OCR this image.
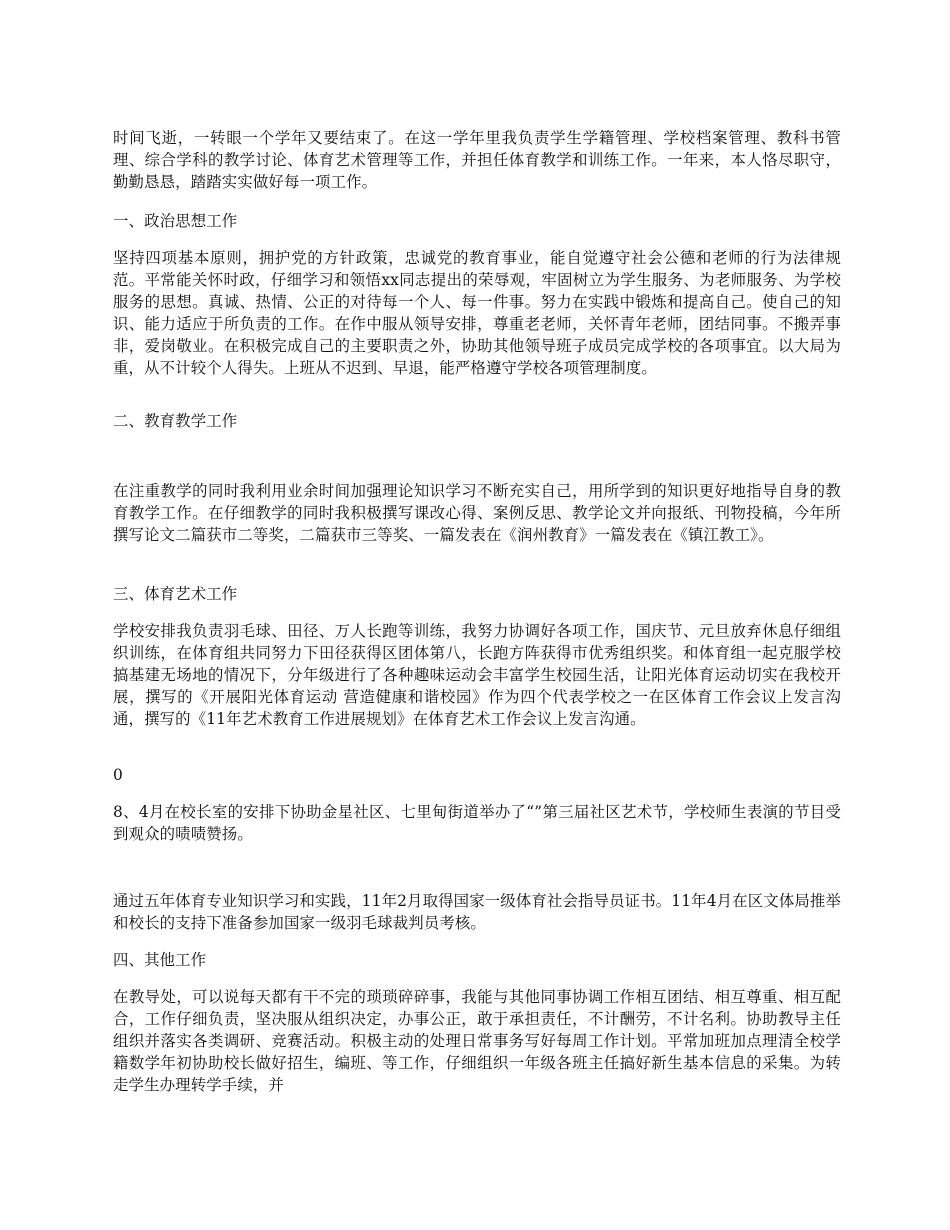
时间飞逝，一转眼一个学年又要结束了。在这一学年里我负责学生学籍管理、学校档案管理、教科书管理、综合学科的教学讨论、体育艺术管理等工作，并担任体育教学和训练工作。一年来，本人恪尽职守，勤勤恳恳，踏踏实实做好每一项工作。

一、政治思想工作

坚持四项基本原则，拥护党的方针政策，忠诚党的教育事业，能自觉遵守社会公德和老师的行为法律规范。平常能关怀时政，仔细学习和领悟xx同志提出的荣辱观，牢固树立为学生服务、为老师服务、为学校服务的思想。真诚、热情、公正的对待每一个人、每一件事。努力在实践中锻炼和提高自己。使自己的知识、能力适应于所负责的工作。在作中服从领导安排，尊重老老师，关怀青年老师，团结同事。不搬弄事非，爱岗敬业。在积极完成自己的主要职责之外，协助其他领导班子成员完成学校的各项事宜。以大局为重，从不计较个人得失。上班从不迟到、早退，能严格遵守学校各项管理制度。

二、教育教学工作

在注重教学的同时我利用业余时间加强理论知识学习不断充实自己，用所学到的知识更好地指导自身的教育教学工作。在仔细教学的同时我积极撰写课改心得、案例反思、教学论文并向报纸、刊物投稿，今年所撰写论文二篇获市二等奖，二篇获市三等奖、一篇发表在《润州教育》一篇发表在《镇江教工》。

三、体育艺术工作

学校安排我负责羽毛球、田径、万人长跑等训练，我努力协调好各项工作，国庆节、元旦放弃休息仔细组织训练，在体育组共同努力下田径获得区团体第八，长跑方阵获得市优秀组织奖。和体育组一起克服学校搞基建无场地的情况下，分年级进行了各种趣味运动会丰富学生校园生活，让阳光体育运动切实在我校开展，撰写的《开展阳光体育运动 营造健康和谐校园》作为四个代表学校之一在区体育工作会议上发言沟通，撰写的《11年艺术教育工作进展规划》在体育艺术工作会议上发言沟通。

0

8、4月在校长室的安排下协助金星社区、七里甸街道举办了“”第三届社区艺术节，学校师生表演的节目受到观众的啧啧赞扬。

通过五年体育专业知识学习和实践，11年2月取得国家一级体育社会指导员证书。11年4月在区文体局推举和校长的支持下准备参加国家一级羽毛球裁判员考核。

四、其他工作

在教导处，可以说每天都有干不完的琐琐碎碎事，我能与其他同事协调工作相互团结、相互尊重、相互配合，工作仔细负责，坚决服从组织决定，办事公正，敢于承担责任，不计酬劳，不计名利。协助教导主任组织并落实各类调研、竞赛活动。积极主动的处理日常事务写好每周工作计划。平常加班加点理清全校学籍数学年初协助校长做好招生，编班、等工作，仔细组织一年级各班主任搞好新生基本信息的采集。为转走学生办理转学手续，并
